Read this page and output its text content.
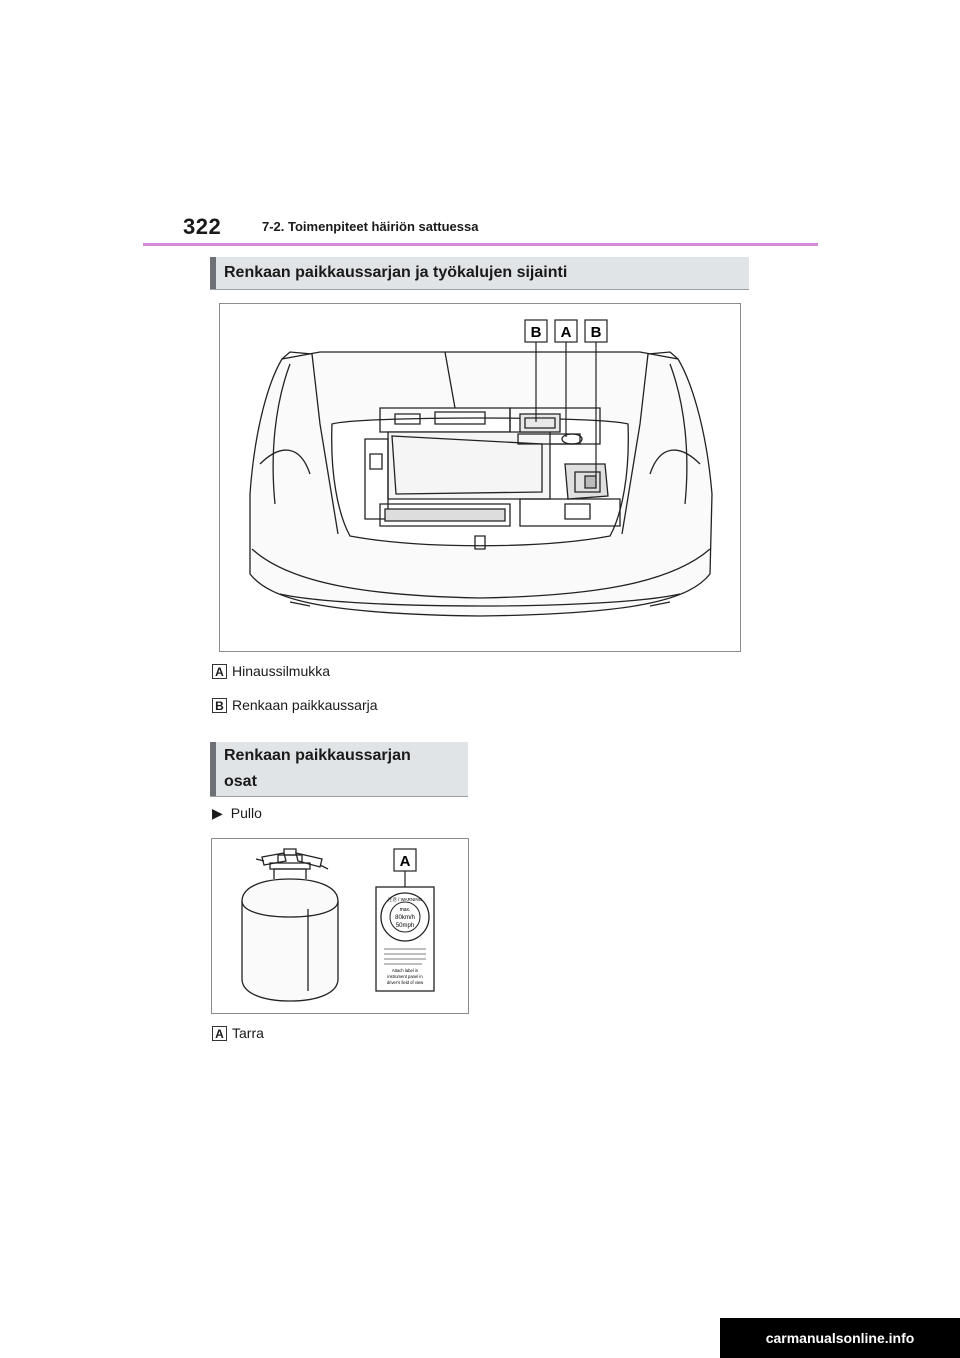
322	7-2. Toimenpiteet häiriön sattuessa
Renkaan paikkaussarjan ja työkalujen sijainti
B A B
A Hinaussilmukka
B Renkaan paikkaussarja
Renkaan paikkaussarjan
osat
▶ Pullo
注意 / WARNING
max.
80km/h
50mph
Attach label in
instrument panel in
driver's field of view
A
A Tarra
carmanualsonline.info
